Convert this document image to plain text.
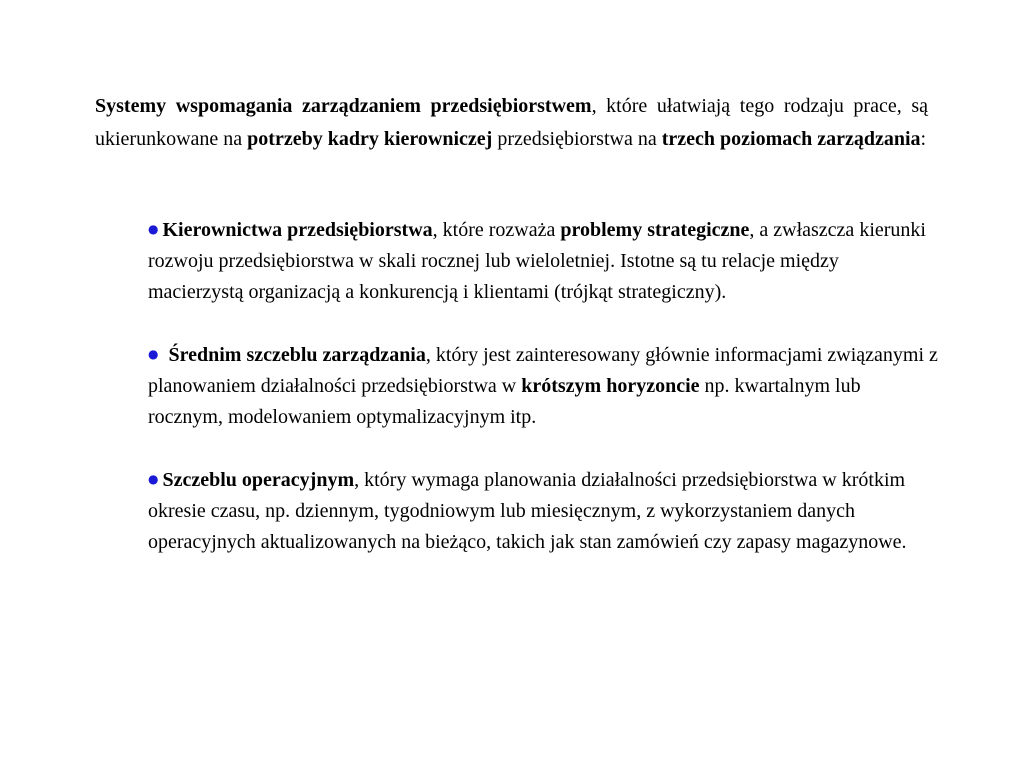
Systemy wspomagania zarządzaniem przedsiębiorstwem, które ułatwiają tego rodzaju prace, są ukierunkowane na potrzeby kadry kierowniczej przedsiębiorstwa na trzech poziomach zarządzania:

● Kierownictwa przedsiębiorstwa, które rozważa problemy strategiczne, a zwłaszcza kierunki rozwoju przedsiębiorstwa w skali rocznej lub wieloletniej. Istotne są tu relacje między macierzystą organizacją a konkurencją i klientami (trójkąt strategiczny).
● Średnim szczeblu zarządzania, który jest zainteresowany głównie informacjami związanymi z planowaniem działalności przedsiębiorstwa w krótszym horyzoncie np. kwartalnym lub rocznym, modelowaniem optymalizacyjnym itp.
● Szczeblu operacyjnym, który wymaga planowania działalności przedsiębiorstwa w krótkim okresie czasu, np. dziennym, tygodniowym lub miesięcznym, z wykorzystaniem danych operacyjnych aktualizowanych na bieżąco, takich jak stan zamówień czy zapasy magazynowe.
